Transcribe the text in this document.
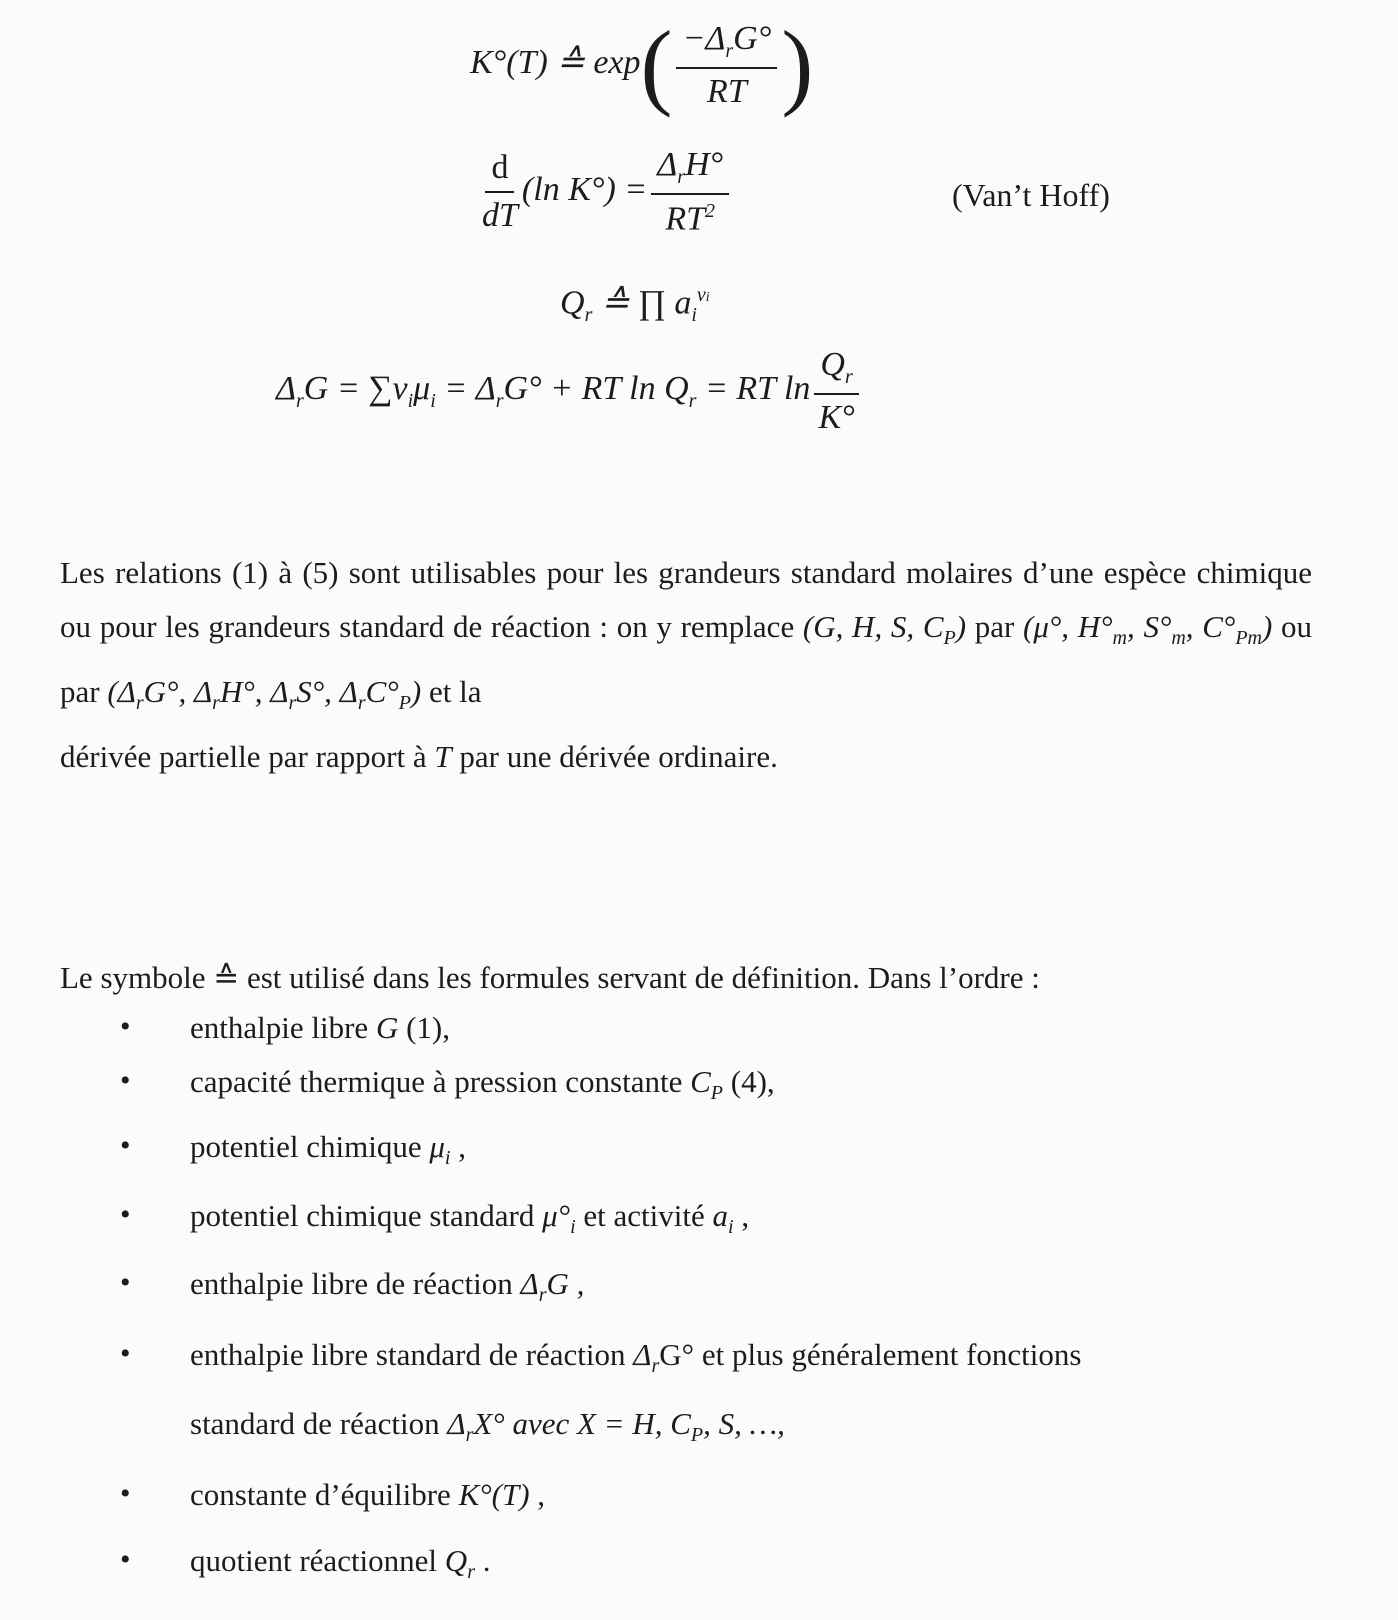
K°(T) ≙ $\exp( \frac{-\Delta_rG^\circ}{RT}$ )
$\frac{d}{dT} (\ln$ $K^\circ) = \frac{\Delta_rH^\circ}{RT^2}$	(Van’t Hoff)
$Q_r$ ≙ ∏ $a_i^{\nu i}$
$\Delta_rG = \sum\nu_i\mu_i = \Delta_rG^\circ$ + RT $\ln Q_r$ = RT $\ln \frac{Q_r}{K^\circ}$
Les relations (1) à (5) sont utilisables pour les grandeurs standard molaires d’une espèce chimique ou pour les grandeurs standard de réaction : on y remplace (G, H, S, $C_P$) par (μ°, $H^\circ_m$, $S^\circ_m$, $C^\circ_{Pm}$) ou par ($\Delta_rG^\circ$, $\Delta_rH^\circ$, $\Delta_rS^\circ$, $\Delta_rC^\circ_P$) et la
dérivée partielle par rapport à T par une dérivée ordinaire.
Le symbole ≙ est utilisé dans les formules servant de définition. Dans l’ordre :
• enthalpie libre G (1),
• capacité thermique à pression constante $C_P$ (4),
• potentiel chimique $\mu_i$ ,
• potentiel chimique standard $\mu^\circ_i$ et activité $a_i$ ,
• enthalpie libre de réaction $\Delta_rG$ ,
• enthalpie libre standard de réaction $\Delta_rG^\circ$ et plus généralement fonctions
standard de réaction $\Delta_rX^\circ$ avec X = H, $C_P$, S, …,
• constante d’équilibre K°(T) ,
• quotient réactionnel $Q_r$ .
